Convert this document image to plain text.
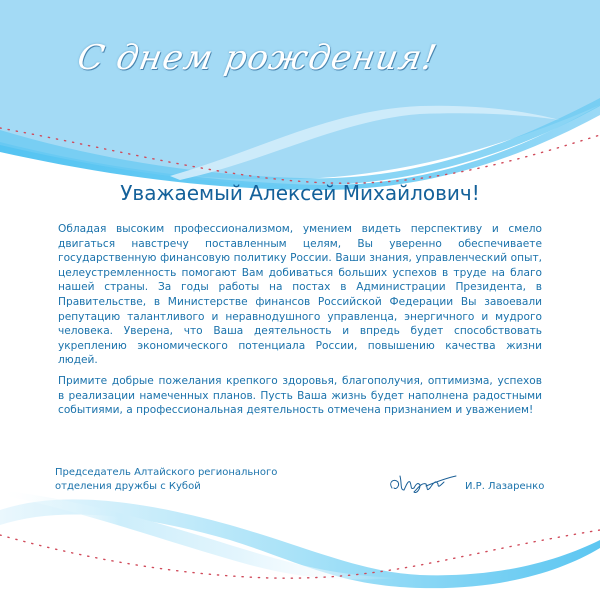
С днем рождения!
Уважаемый Алексей Михайлович!

Обладая высоким профессионализмом, умением видеть перспективу и смело двигаться навстречу поставленным целям, Вы уверенно обеспечиваете государственную финансовую политику России. Ваши знания, управленческий опыт, целеустремленность помогают Вам добиваться больших успехов в труде на благо нашей страны. За годы работы на постах в Администрации Президента, в Правительстве, в Министерстве финансов Российской Федерации Вы завоевали репутацию талантливого и неравнодушного управленца, энергичного и мудрого человека. Уверена, что Ваша деятельность и впредь будет способствовать укреплению экономического потенциала России, повышению качества жизни людей.

Примите добрые пожелания крепкого здоровья, благополучия, оптимизма, успехов в реализации намеченных планов. Пусть Ваша жизнь будет наполнена радостными событиями, а профессиональная деятельность отмечена признанием и уважением!

Председатель Алтайского регионального
отделения дружбы с Кубой	И.Р. Лазаренко
